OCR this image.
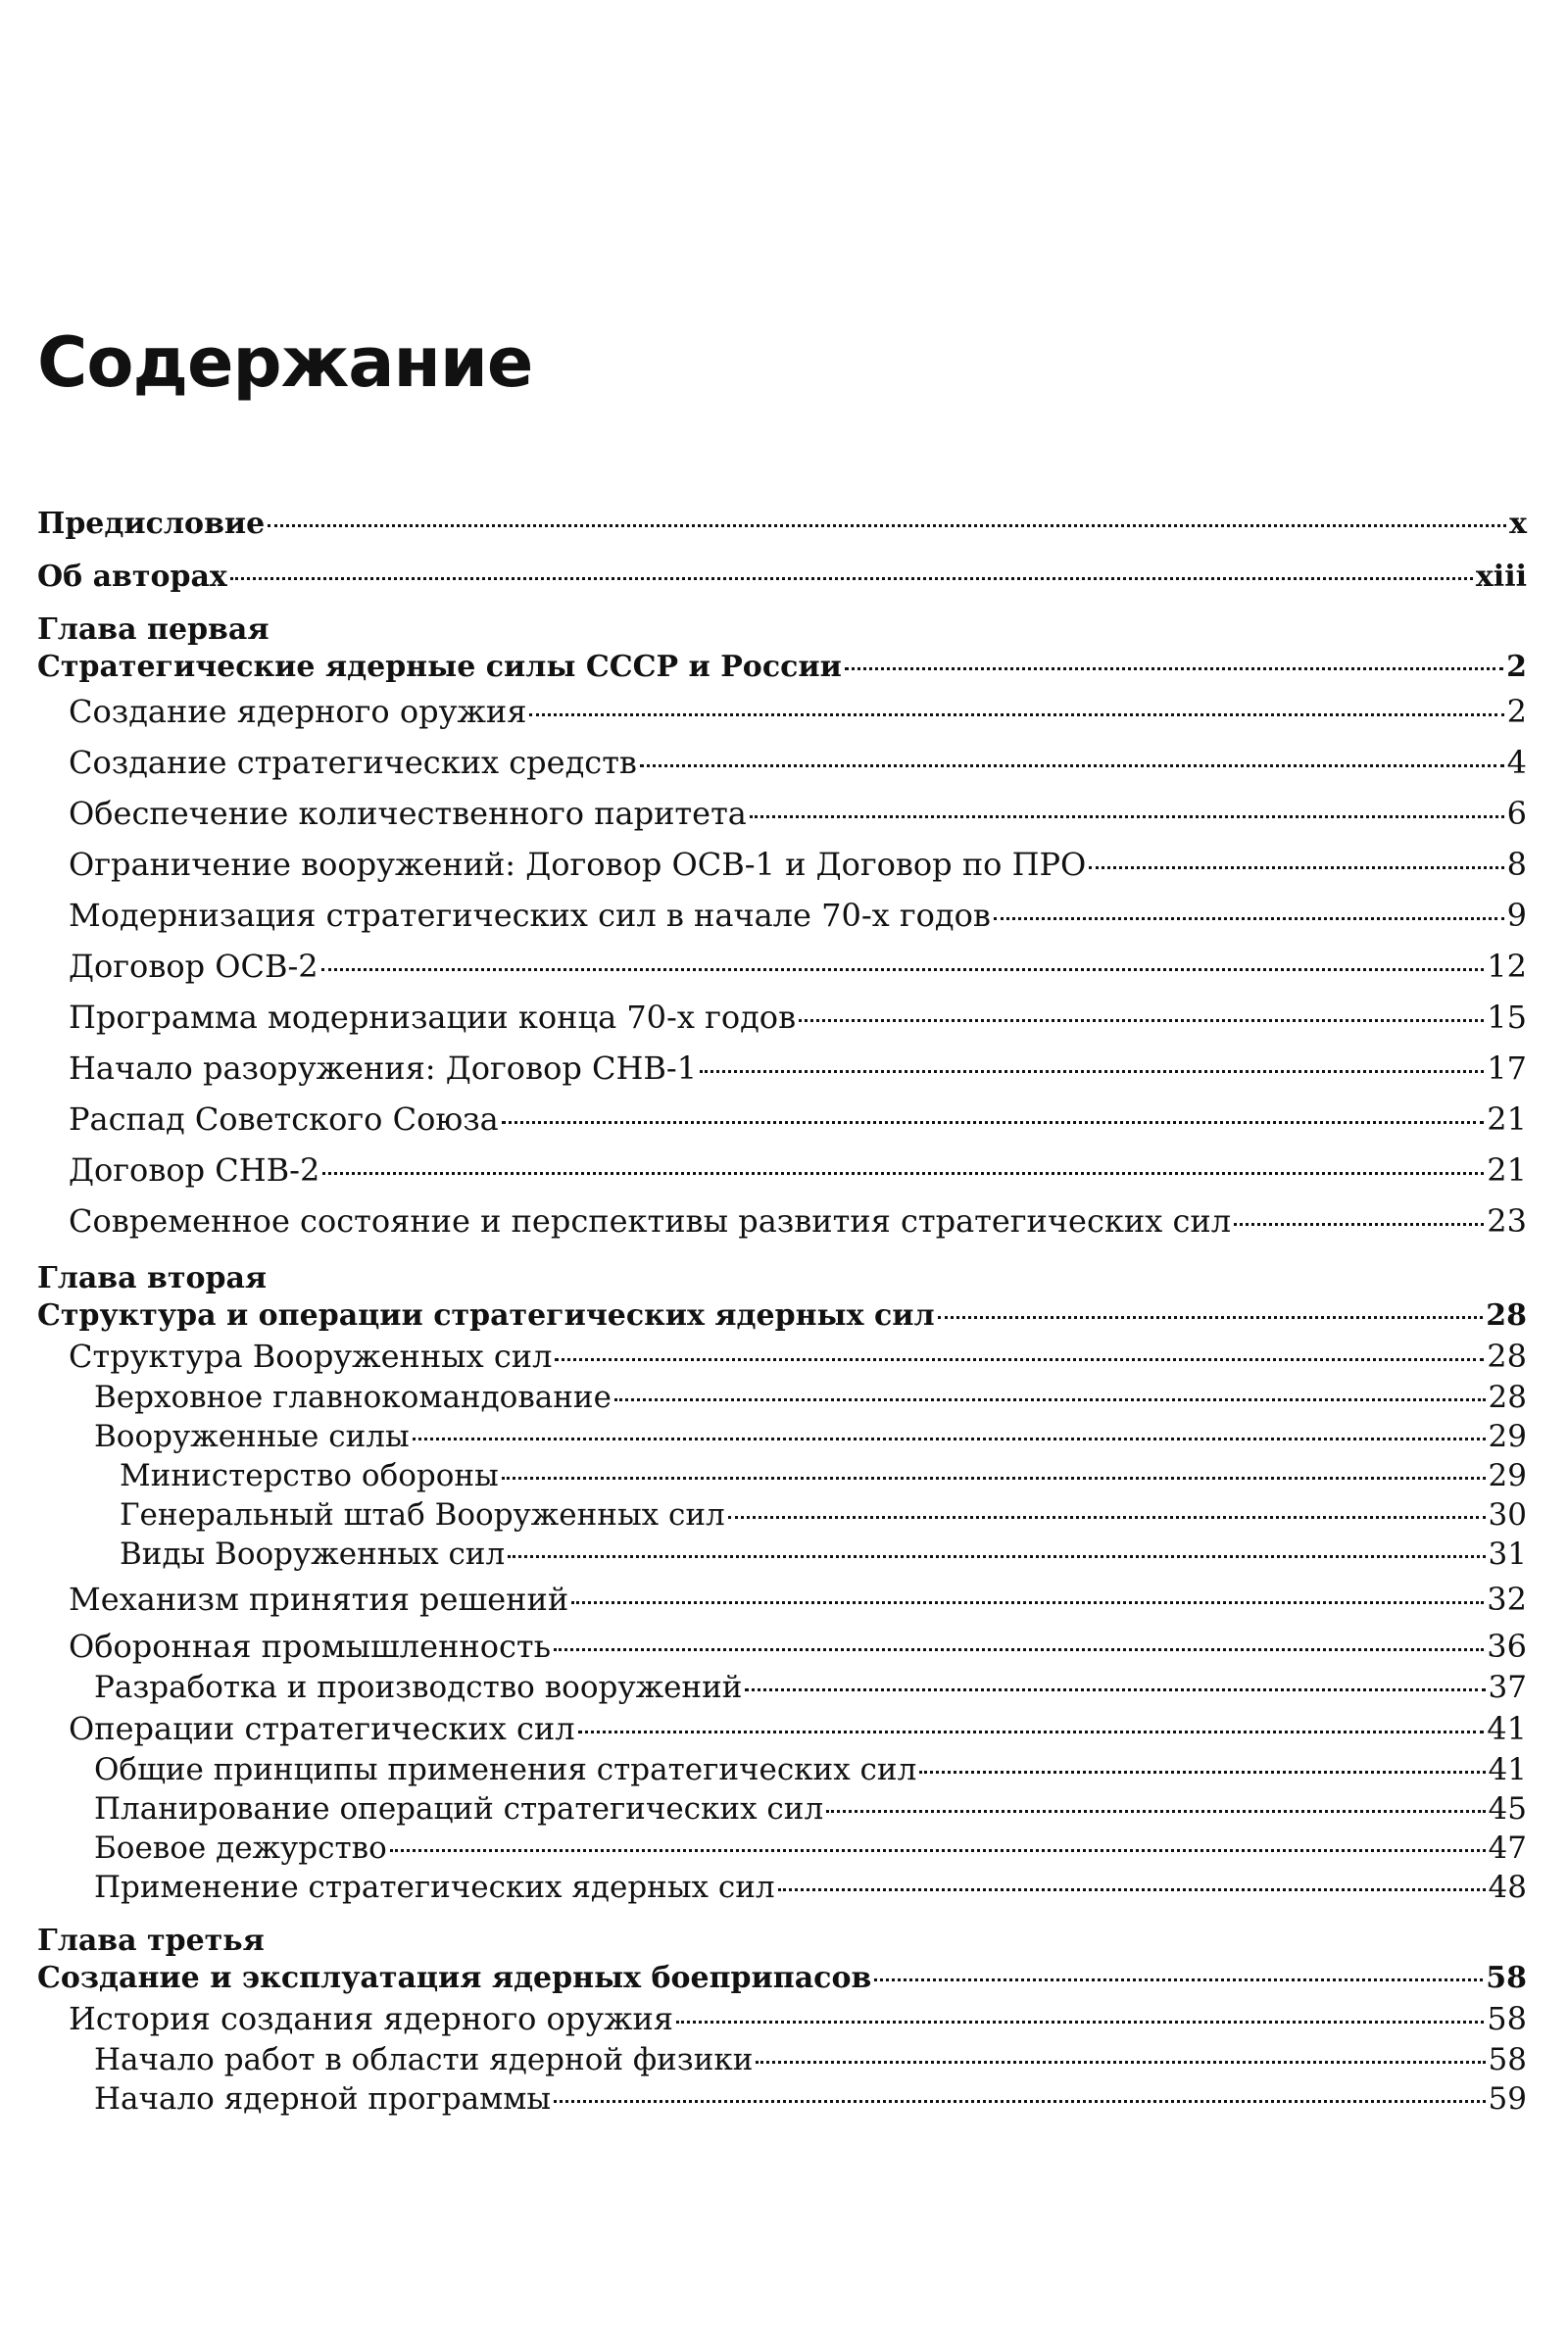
Содержание
Предисловие	x
Об авторах	xiii
Глава первая
Стратегические ядерные силы СССР и России	2
Создание ядерного оружия	2
Создание стратегических средств	4
Обеспечение количественного паритета	6
Ограничение вооружений: Договор ОСВ-1 и Договор по ПРО	8
Модернизация стратегических сил в начале 70-х годов	9
Договор ОСВ-2	12
Программа модернизации конца 70-х годов	15
Начало разоружения: Договор СНВ-1	17
Распад Советского Союза	21
Договор СНВ-2	21
Современное состояние и перспективы развития стратегических сил	23
Глава вторая
Структура и операции стратегических ядерных сил	28
Структура Вооруженных сил	28
Верховное главнокомандование	28
Вооруженные силы	29
Министерство обороны	29
Генеральный штаб Вооруженных сил	30
Виды Вооруженных сил	31
Механизм принятия решений	32
Оборонная промышленность	36
Разработка и производство вооружений	37
Операции стратегических сил	41
Общие принципы применения стратегических сил	41
Планирование операций стратегических сил	45
Боевое дежурство	47
Применение стратегических ядерных сил	48
Глава третья
Создание и эксплуатация ядерных боеприпасов	58
История создания ядерного оружия	58
Начало работ в области ядерной физики	58
Начало ядерной программы	59
